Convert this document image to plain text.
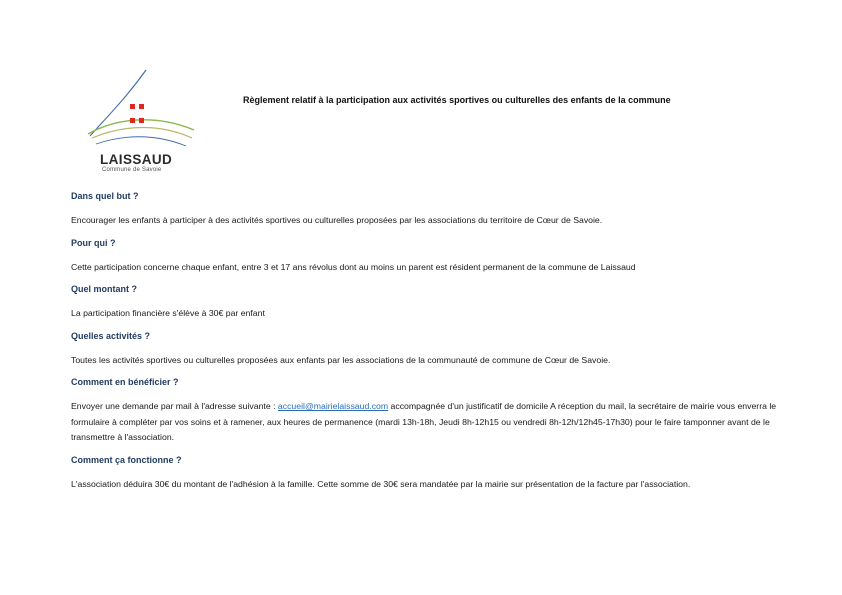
LAISSAUD
Commune de Savoie
Règlement relatif à la participation aux activités sportives ou culturelles des enfants de la commune
Dans quel but ?
Encourager les enfants à participer à des activités sportives ou culturelles proposées par les associations du territoire de Cœur de Savoie.
Pour qui ?
Cette participation concerne chaque enfant, entre 3 et 17 ans révolus dont au moins un parent est résident permanent de la commune de Laissaud
Quel montant ?
La participation financière s'élève à 30€ par enfant
Quelles activités ?
Toutes les activités sportives ou culturelles proposées aux enfants par les associations de la communauté de commune de Cœur de Savoie.
Comment en bénéficier ?
Envoyer une demande par mail à l'adresse suivante : accueil@mairielaissaud.com accompagnée d'un justificatif de domicile A réception du mail, la secrétaire de mairie vous enverra le formulaire à compléter par vos soins et à ramener, aux heures de permanence (mardi 13h-18h, Jeudi 8h-12h15 ou vendredi 8h-12h/12h45-17h30) pour le faire tamponner avant de le transmettre à l'association.
Comment ça fonctionne ?
L'association déduira 30€ du montant de l'adhésion à la famille. Cette somme de 30€ sera mandatée par la mairie sur présentation de la facture par l'association.
